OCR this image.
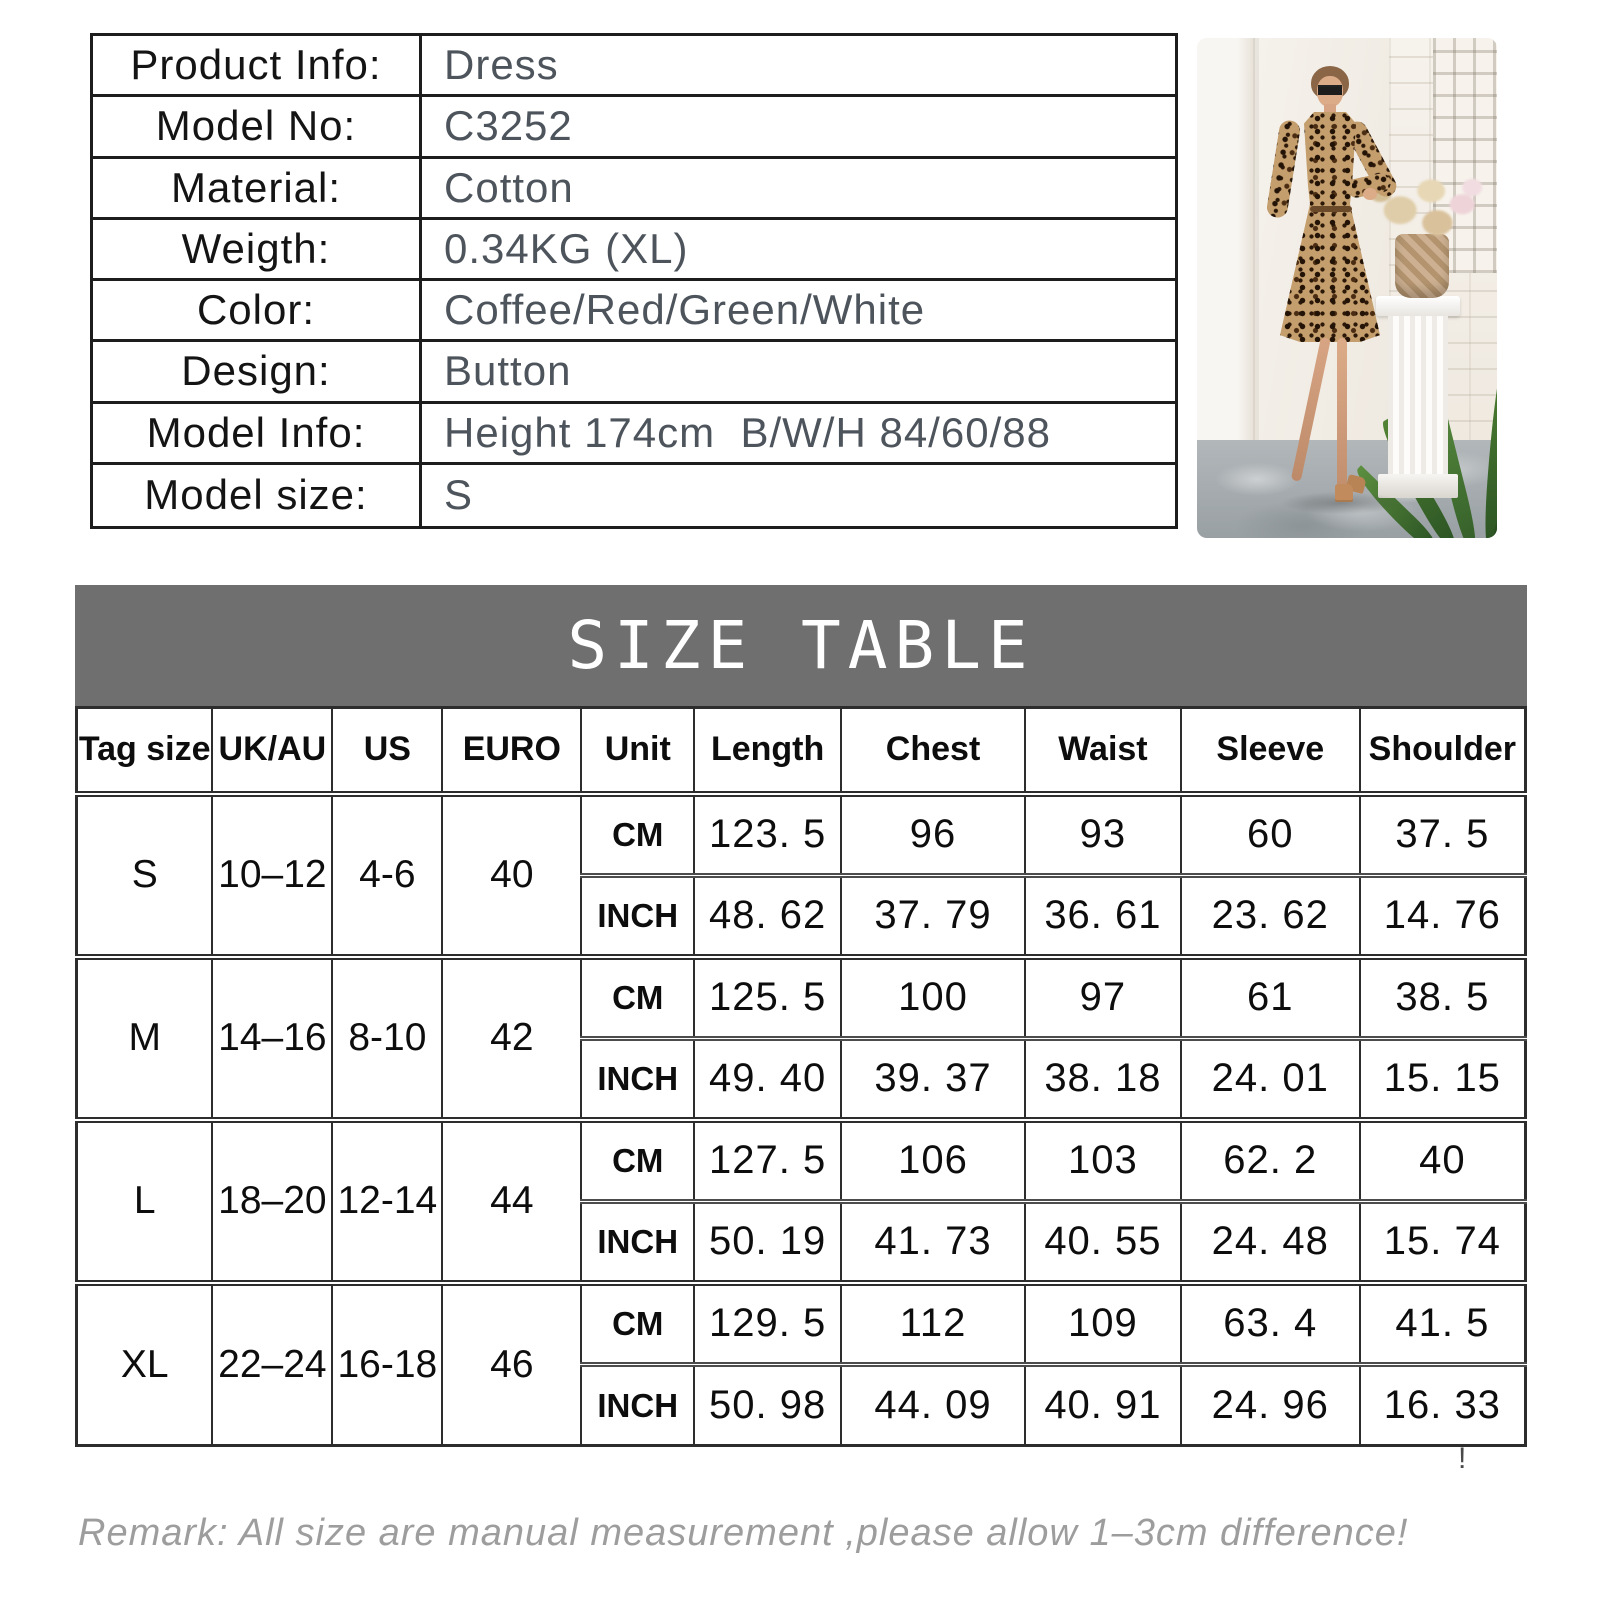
Product Info:	Dress
Model No:	C3252
Material:	Cotton
Weigth:	0.34KG (XL)
Color:	Coffee/Red/Green/White
Design:	Button
Model Info:	Height 174cm  B/W/H 84/60/88
Model size:	S
SIZE TABLE
Tag size	UK/AU	US	EURO	Unit	Length	Chest	Waist	Sleeve	Shoulder
S	10–12	4-6	40	CM	123. 5	96	93	60	37. 5
				INCH	48. 62	37. 79	36. 61	23. 62	14. 76
M	14–16	8-10	42	CM	125. 5	100	97	61	38. 5
				INCH	49. 40	39. 37	38. 18	24. 01	15. 15
L	18–20	12-14	44	CM	127. 5	106	103	62. 2	40
				INCH	50. 19	41. 73	40. 55	24. 48	15. 74
XL	22–24	16-18	46	CM	129. 5	112	109	63. 4	41. 5
				INCH	50. 98	44. 09	40. 91	24. 96	16. 33
Remark: All size are manual measurement ,please allow 1–3cm difference!
!
